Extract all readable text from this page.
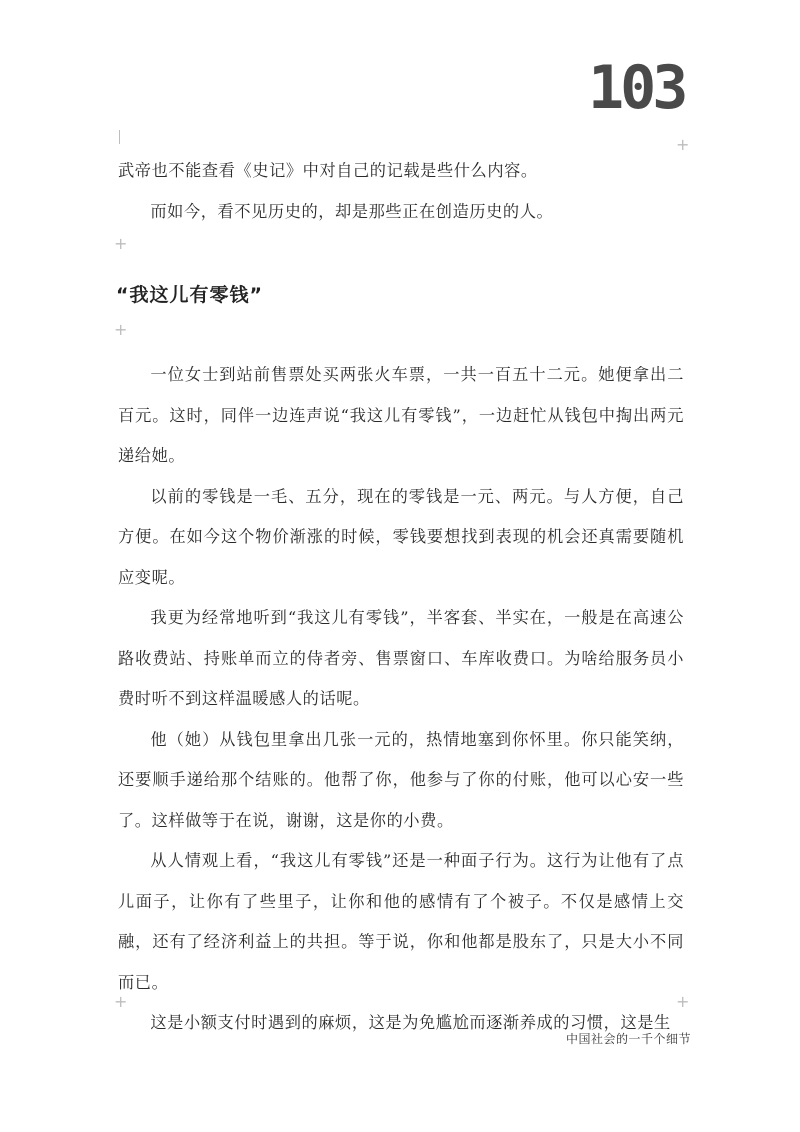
103
+
+
+
+	+

武帝也不能查看《史记》中对自己的记载是些什么内容。

而如今，看不见历史的，却是那些正在创造历史的人。

“我这儿有零钱”

一位女士到站前售票处买两张火车票，一共一百五十二元。她便拿出二百元。这时，同伴一边连声说“我这儿有零钱”，一边赶忙从钱包中掏出两元递给她。

以前的零钱是一毛、五分，现在的零钱是一元、两元。与人方便，自己方便。在如今这个物价渐涨的时候，零钱要想找到表现的机会还真需要随机应变呢。

我更为经常地听到“我这儿有零钱”，半客套、半实在，一般是在高速公路收费站、持账单而立的侍者旁、售票窗口、车库收费口。为啥给服务员小费时听不到这样温暖感人的话呢。

他（她）从钱包里拿出几张一元的，热情地塞到你怀里。你只能笑纳，还要顺手递给那个结账的。他帮了你，他参与了你的付账，他可以心安一些了。这样做等于在说，谢谢，这是你的小费。

从人情观上看，“我这儿有零钱”还是一种面子行为。这行为让他有了点儿面子，让你有了些里子，让你和他的感情有了个被子。不仅是感情上交融，还有了经济利益上的共担。等于说，你和他都是股东了，只是大小不同而已。

这是小额支付时遇到的麻烦，这是为免尴尬而逐渐养成的习惯，这是生

中国社会的一千个细节
